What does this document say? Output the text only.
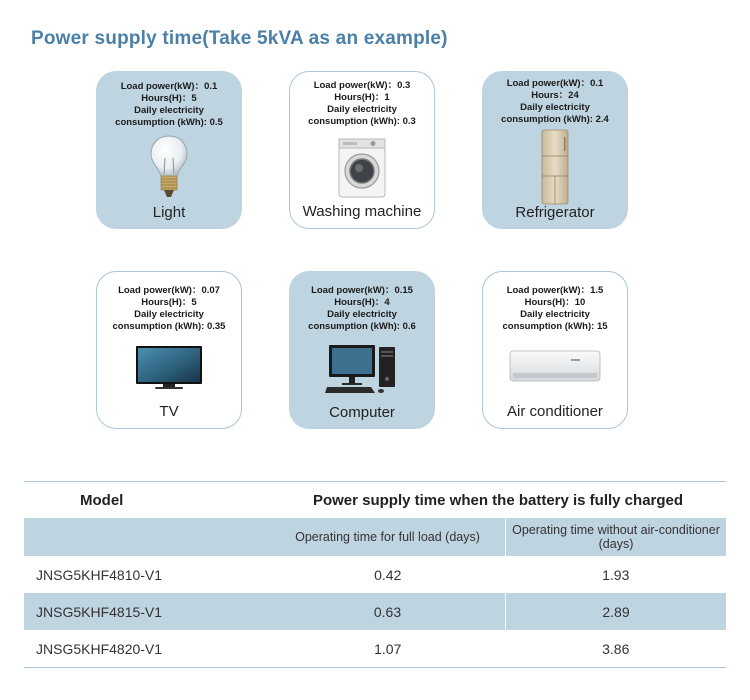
Power supply time(Take 5kVA as an example)
Load power(kW)：0.1
Hours(H)：5
Daily electricity
consumption (kWh): 0.5
Light
Load power(kW)：0.3
Hours(H)：1
Daily electricity
consumption (kWh): 0.3
Washing machine
Load power(kW)：0.1
Hours：24
Daily electricity
consumption (kWh): 2.4
Refrigerator
Load power(kW)：0.07
Hours(H)：5
Daily electricity
consumption (kWh): 0.35
TV
Load power(kW)：0.15
Hours(H)：4
Daily electricity
consumption (kWh): 0.6
Computer
Load power(kW)：1.5
Hours(H)：10
Daily electricity
consumption (kWh): 15
Air conditioner
Model	Power supply time when the battery is fully charged	
	Operating time for full load (days)	Operating time without air-conditioner (days)
JNSG5KHF4810-V1	0.42	1.93
JNSG5KHF4815-V1	0.63	2.89
JNSG5KHF4820-V1	1.07	3.86
